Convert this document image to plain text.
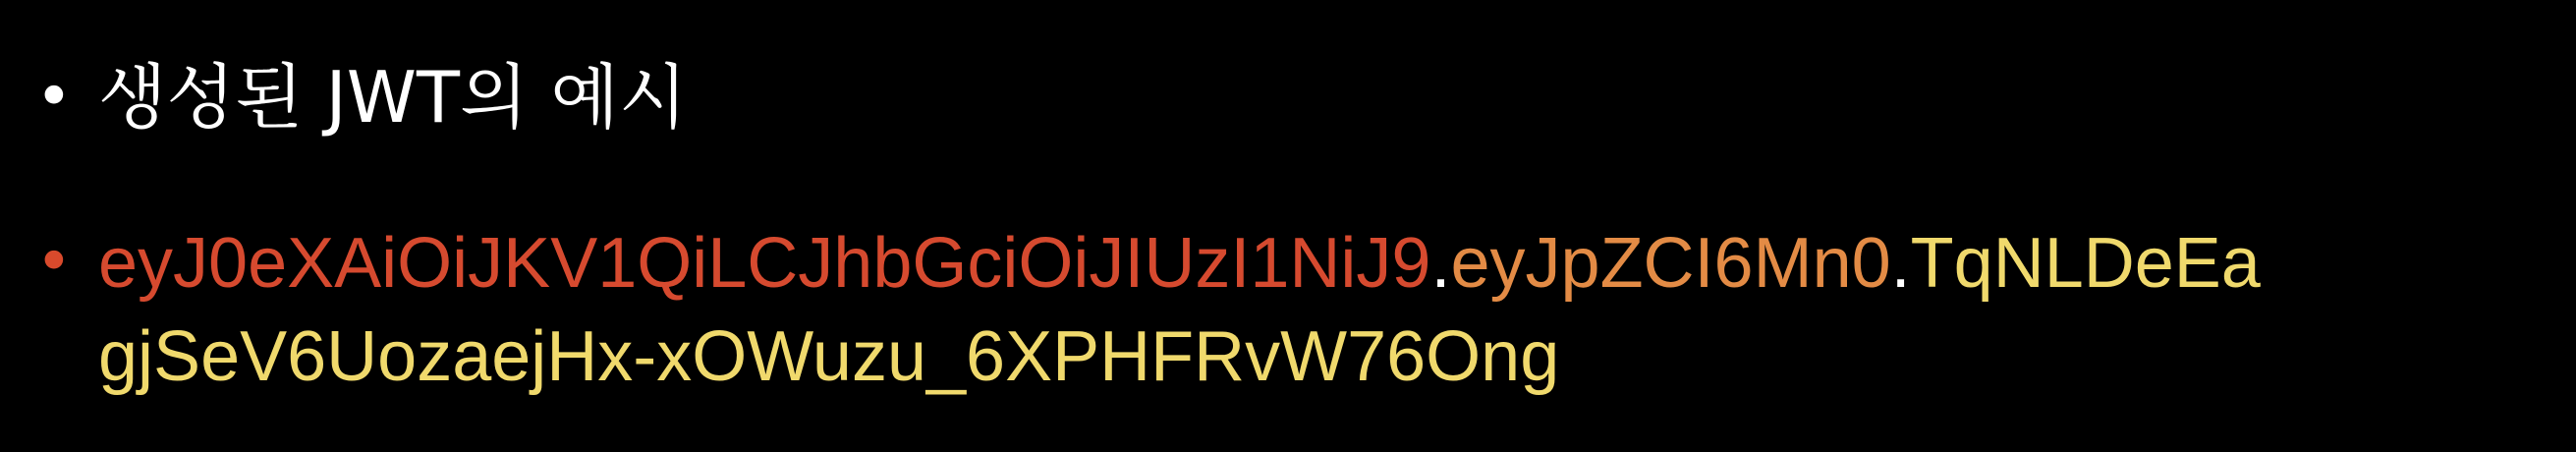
• 생성된 JWT의 예시
• eyJ0eXAiOiJKV1QiLCJhbGciOiJIUzI1NiJ9.eyJpZCI6Mn0.TqNLDeEa
gjSeV6UozaejHx-xOWuzu_6XPHFRvW76Ong
